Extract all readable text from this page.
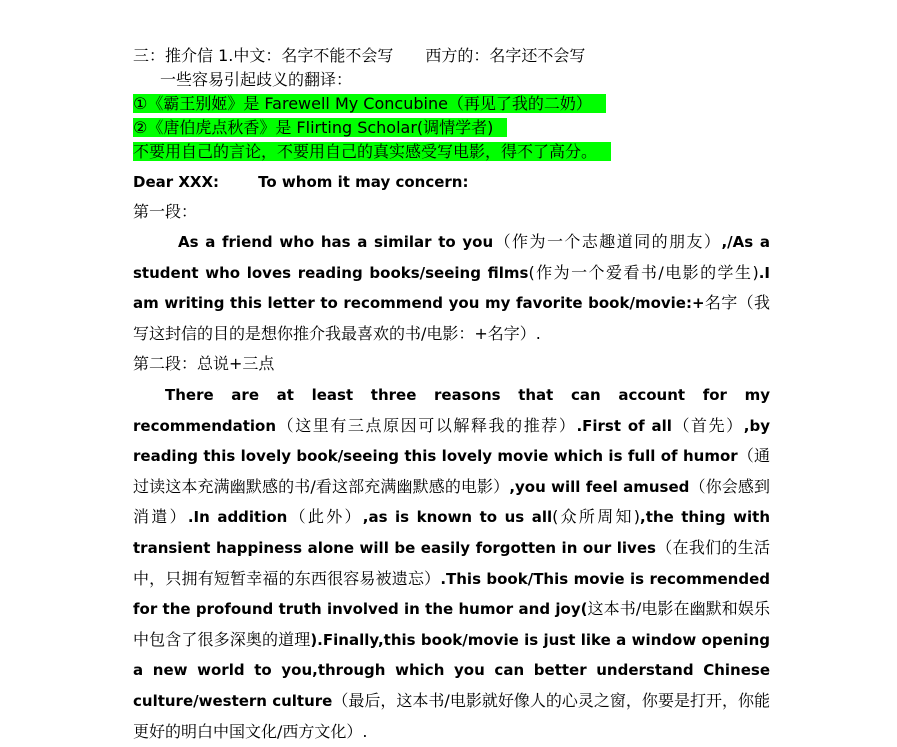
三：推介信 1.中文：名字不能不会写　　西方的：名字还不会写
一些容易引起歧义的翻译：
①《霸王别姬》是 Farewell My Concubine（再见了我的二奶）
②《唐伯虎点秋香》是 Flirting Scholar(调情学者)
不要用自己的言论，不要用自己的真实感受写电影，得不了高分。
Dear XXX:	To whom it may concern:
第一段：
As a friend who has a similar to you（作为一个志趣道同的朋友）,/As a student who loves reading books/seeing films(作为一个爱看书/电影的学生).I am writing this letter to recommend you my favorite book/movie:+名字（我写这封信的目的是想你推介我最喜欢的书/电影：+名字）.
第二段：总说+三点
There are at least three reasons that can account for my recommendation（这里有三点原因可以解释我的推荐）.First of all（首先）,by reading this lovely book/seeing this lovely movie which is full of humor（通过读这本充满幽默感的书/看这部充满幽默感的电影）,you will feel amused（你会感到消遣）.In addition（此外）,as is known to us all(众所周知),the thing with transient happiness alone will be easily forgotten in our lives（在我们的生活中，只拥有短暂幸福的东西很容易被遗忘）.This book/This movie is recommended for the profound truth involved in the humor and joy(这本书/电影在幽默和娱乐中包含了很多深奥的道理).Finally,this book/movie is just like a window opening a new world to you,through which you can better understand Chinese culture/western culture（最后，这本书/电影就好像人的心灵之窗，你要是打开，你能更好的明白中国文化/西方文化）.
